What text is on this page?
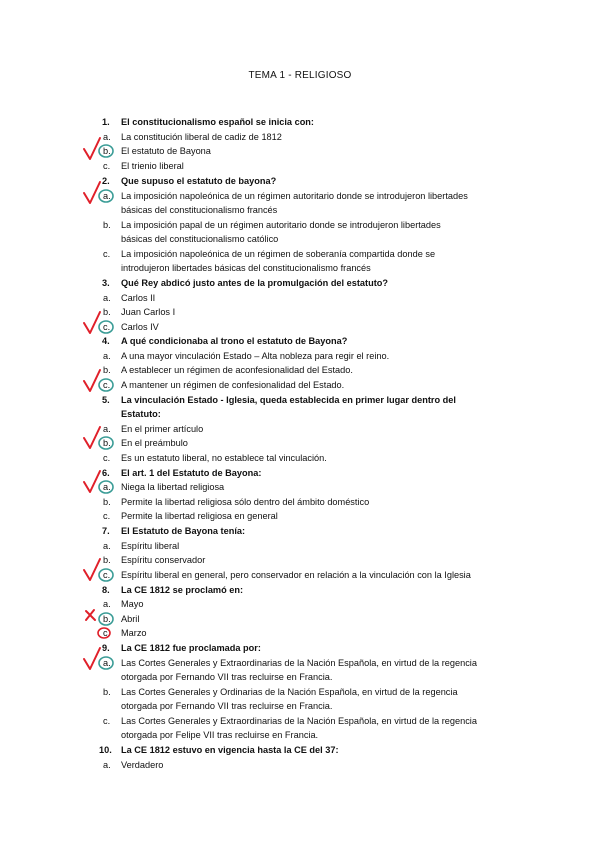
TEMA 1 - RELIGIOSO
1. El constitucionalismo español se inicia con:
a. La constitución liberal de cadiz de 1812
b. El estatuto de Bayona
c. El trienio liberal
2. Que supuso el estatuto de bayona?
a. La imposición napoleónica de un régimen autoritario donde se introdujeron libertades
básicas del constitucionalismo francés
b. La imposición papal de un régimen autoritario donde se introdujeron libertades
básicas del constitucionalismo católico
c. La imposición napoleónica de un régimen de soberanía compartida donde se
introdujeron libertades básicas del constitucionalismo francés
3. Qué Rey abdicó justo antes de la promulgación del estatuto?
a. Carlos II
b. Juan Carlos I
c. Carlos IV
4. A qué condicionaba al trono el estatuto de Bayona?
a. A una mayor vinculación Estado – Alta nobleza para regir el reino.
b. A establecer un régimen de aconfesionalidad del Estado.
c. A mantener un régimen de confesionalidad del Estado.
5. La vinculación Estado - Iglesia, queda establecida en primer lugar dentro del
Estatuto:
a. En el primer artículo
b. En el preámbulo
c. Es un estatuto liberal, no establece tal vinculación.
6. El art. 1 del Estatuto de Bayona:
a. Niega la libertad religiosa
b. Permite la libertad religiosa sólo dentro del ámbito doméstico
c. Permite la libertad religiosa en general
7. El Estatuto de Bayona tenía:
a. Espíritu liberal
b. Espíritu conservador
c. Espíritu liberal en general, pero conservador en relación a la vinculación con la Iglesia
8. La CE 1812 se proclamó en:
a. Mayo
b. Abril
c. Marzo
9. La CE 1812 fue proclamada por:
a. Las Cortes Generales y Extraordinarias de la Nación Española, en virtud de la regencia
otorgada por Fernando VII tras recluirse en Francia.
b. Las Cortes Generales y Ordinarias de la Nación Española, en virtud de la regencia
otorgada por Fernando VII tras recluirse en Francia.
c. Las Cortes Generales y Extraordinarias de la Nación Española, en virtud de la regencia
otorgada por Felipe VII tras recluirse en Francia.
10. La CE 1812 estuvo en vigencia hasta la CE del 37:
a. Verdadero
